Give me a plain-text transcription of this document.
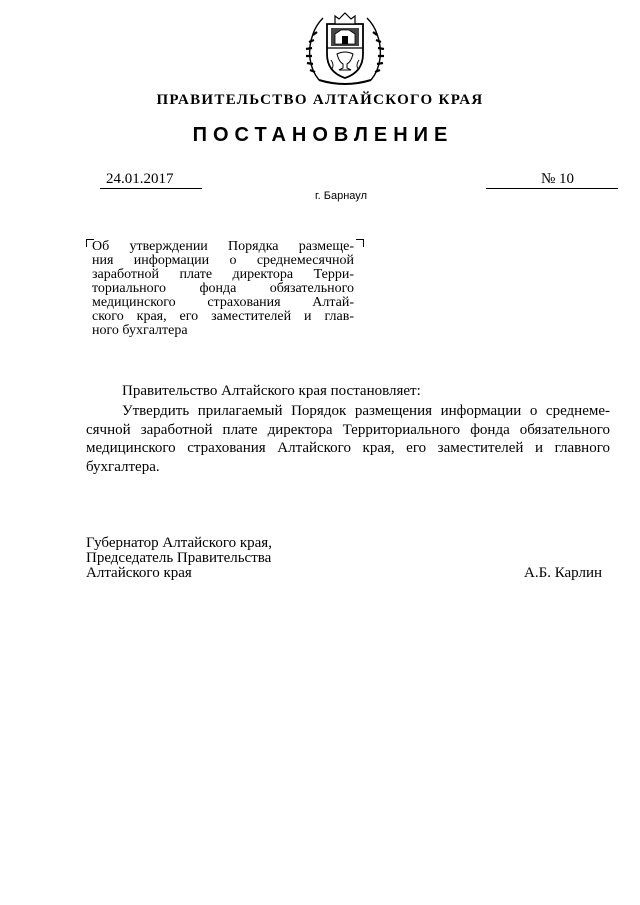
ПРАВИТЕЛЬСТВО АЛТАЙСКОГО КРАЯ
ПОСТАНОВЛЕНИЕ
24.01.2017	№ 10
г. Барнаул
Об утверждении Порядка размеще-
ния информации о среднемесячной
заработной плате директора Терри-
ториального фонда обязательного
медицинского страхования Алтай-
ского края, его заместителей и глав-
ного бухгалтера
Правительство Алтайского края постановляет:
Утвердить прилагаемый Порядок размещения информации о среднеме-
сячной заработной плате директора Территориального фонда обязательного
медицинского страхования Алтайского края, его заместителей и главного
бухгалтера.
Губернатор Алтайского края,
Председатель Правительства
Алтайского края	А.Б. Карлин
